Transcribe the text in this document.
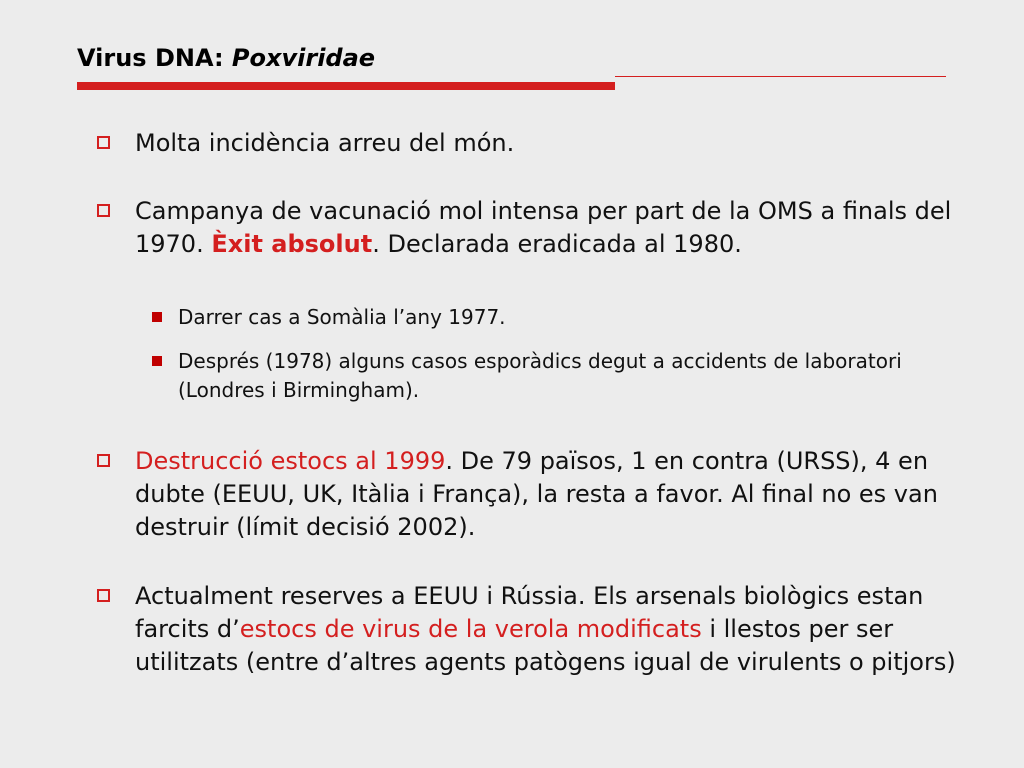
Virus DNA: Poxviridae
Molta incidència arreu del món.
Campanya de vacunació mol intensa per part de la OMS a finals del 1970. Èxit absolut. Declarada eradicada al 1980.
Darrer cas a Somàlia l’any 1977.
Després (1978) alguns casos esporàdics degut a accidents de laboratori (Londres i Birmingham).
Destrucció estocs al 1999. De 79 països, 1 en contra (URSS), 4 en dubte (EEUU, UK, Itàlia i França), la resta a favor. Al final no es van destruir (límit decisió 2002).
Actualment reserves a EEUU i Rússia. Els arsenals biològics estan farcits d’estocs de virus de la verola modificats i llestos per ser utilitzats (entre d’altres agents patògens igual de virulents o pitjors)
